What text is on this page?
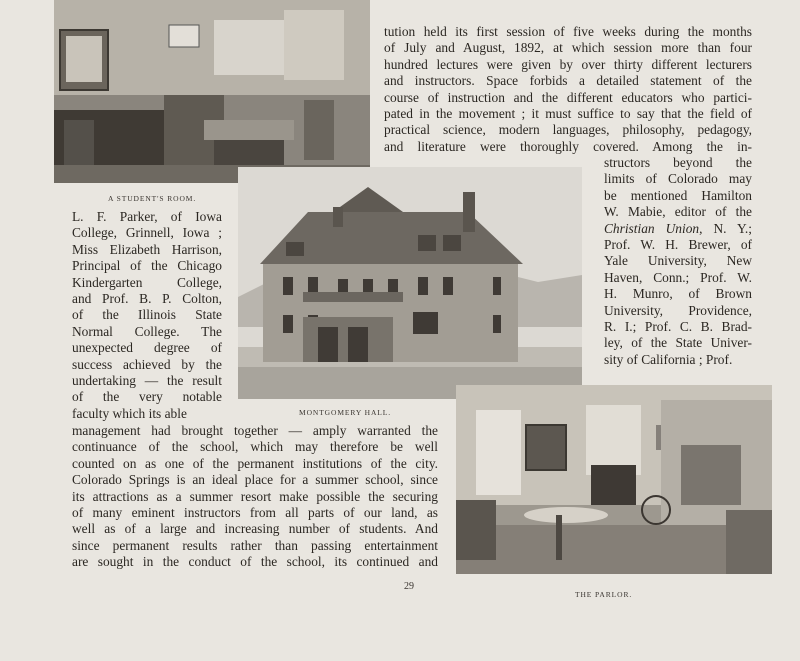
A STUDENT'S ROOM.
MONTGOMERY HALL.
THE PARLOR.
tution held its first session of five weeks during the months
of July and August, 1892, at which session more than four
hundred lectures were given by over thirty different lecturers
and instructors. Space forbids a detailed statement of the
course of instruction and the different educators who partici-
pated in the movement ; it must suffice to say that the field of
practical science, modern languages, philosophy, pedagogy,
and literature were thoroughly covered. Among the in-
structors beyond the
limits of Colorado may
be mentioned Hamilton
W. Mabie, editor of the
Christian Union, N. Y.;
Prof. W. H. Brewer, of
Yale University, New
Haven, Conn.; Prof. W.
H. Munro, of Brown
University, Providence,
R. I.; Prof. C. B. Brad-
ley, of the State Univer-
sity of California ; Prof.
L. F. Parker, of Iowa
College, Grinnell, Iowa ;
Miss Elizabeth Harrison,
Principal of the Chicago
Kindergarten College,
and Prof. B. P. Colton,
of the Illinois State
Normal College. The
unexpected degree of
success achieved by the
undertaking — the result
of the very notable
faculty which its able
management had brought together — amply warranted the
continuance of the school, which may therefore be well
counted on as one of the permanent institutions of the city.
Colorado Springs is an ideal place for a summer school, since
its attractions as a summer resort make possible the securing
of many eminent instructors from all parts of our land, as
well as of a large and increasing number of students. And
since permanent results rather than passing entertainment
are sought in the conduct of the school, its continued and
29
